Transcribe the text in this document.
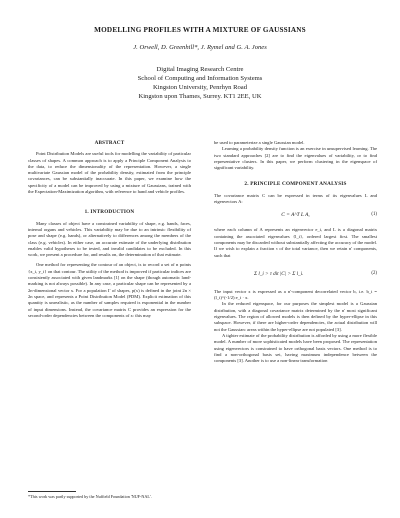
MODELLING PROFILES WITH A MIXTURE OF GAUSSIANS
J. Orwell, D. Greenhill*, J. Rymel and G. A. Jones
Digital Imaging Research Centre
School of Computing and Information Systems
Kingston University, Penrhyn Road
Kingston upon Thames, Surrey. KT1 2EE, UK
ABSTRACT

Point Distribution Models are useful tools for modelling the variability of particular classes of shapes. A common approach is to apply a Principle Component Analysis to the data, to reduce the dimensionality of the representation. However, a single multivariate Gaussian model of the probability density, estimated from the principle covariances, can be substantially inaccurate. In this paper, we examine how the specificity of a model can be improved by using a mixture of Gaussians, trained with the Expectation-Maximization algorithm, with reference to hand and vehicle profiles.

1. INTRODUCTION

Many classes of object have a constrained variability of shape, e.g. hands, faces, internal organs and vehicles. This variability may be due to an intrinsic flexibility of pose and shape (e.g. hands), or alternatively to differences among the members of the class (e.g. vehicles). In either case, an accurate estimate of the underlying distribution enables valid hypotheses to be tested, and invalid candidates to be excluded. In this work, we present a procedure for, and results on, the determination of that estimate.

One method for representing the contour of an object, is to record a set of n points {x_i, y_i} on that contour. The utility of the method is improved if particular indices are consistently associated with given landmarks [1] on the shape (though automatic land-marking is not always possible). In any case, a particular shape can be represented by a 2n-dimensional vector x. For a population Γ of shapes, p(x) is defined in the joint 2n × 2n space, and represents a Point Distribution Model (PDM). Explicit estimation of this quantity is unrealistic, as the number of samples required is exponential in the number of input dimensions. Instead, the covariance matrix C provides an expression for the second-order dependencies between the components of x: this may

*This work was partly supported by the Nuffield Foundation 'NUF-NAL'.

be used to parameterize a single Gaussian model.

Learning a probability density function is an exercise in unsupervised learning. The two standard approaches [2] are to find the eigenvalues of variability, or to find representative clusters. In this paper, we perform clustering in the eigenspace of significant variability.

2. PRINCIPLE COMPONENT ANALYSIS

The covariance matrix C can be expressed in terms of its eigenvalues L and eigenvectors A:

C = A^T L A,	(1)

where each column of A represents an eigenvector e_i, and L is a diagonal matrix containing the associated eigenvalues {l_i}, ordered largest first. The smallest components may be discarded without substantially affecting the accuracy of the model. If we wish to explain a fraction τ of the total variance, then we retain n' components, such that

Σ l_i > τ dit |C| > Σ l_i.	(2)

The input vector x is expressed as a n'-component decorrelated vector b, i.e. b_i = (l_i)^(-1/2) e_i · x.

In the reduced eigenspace, for our purposes the simplest model is a Gaussian distribution, with a diagonal covariance matrix determined by the n' most significant eigenvalues. The region of allowed models is then defined by the hyper-ellipse in this subspace. However, if there are higher-order dependencies, the actual distribution will not the Gaussian: areas within the hyper-ellipse are not populated [3].

A tighter estimate of the probability distribution is afforded by using a more flexible model. A number of more sophisticated models have been proposed. The representation using eigenvectors is constrained to have orthogonal basis vectors. One method is to find a non-orthogonal basis set, having maximum independence between the components [3]. Another is to use a non-linear transformation
